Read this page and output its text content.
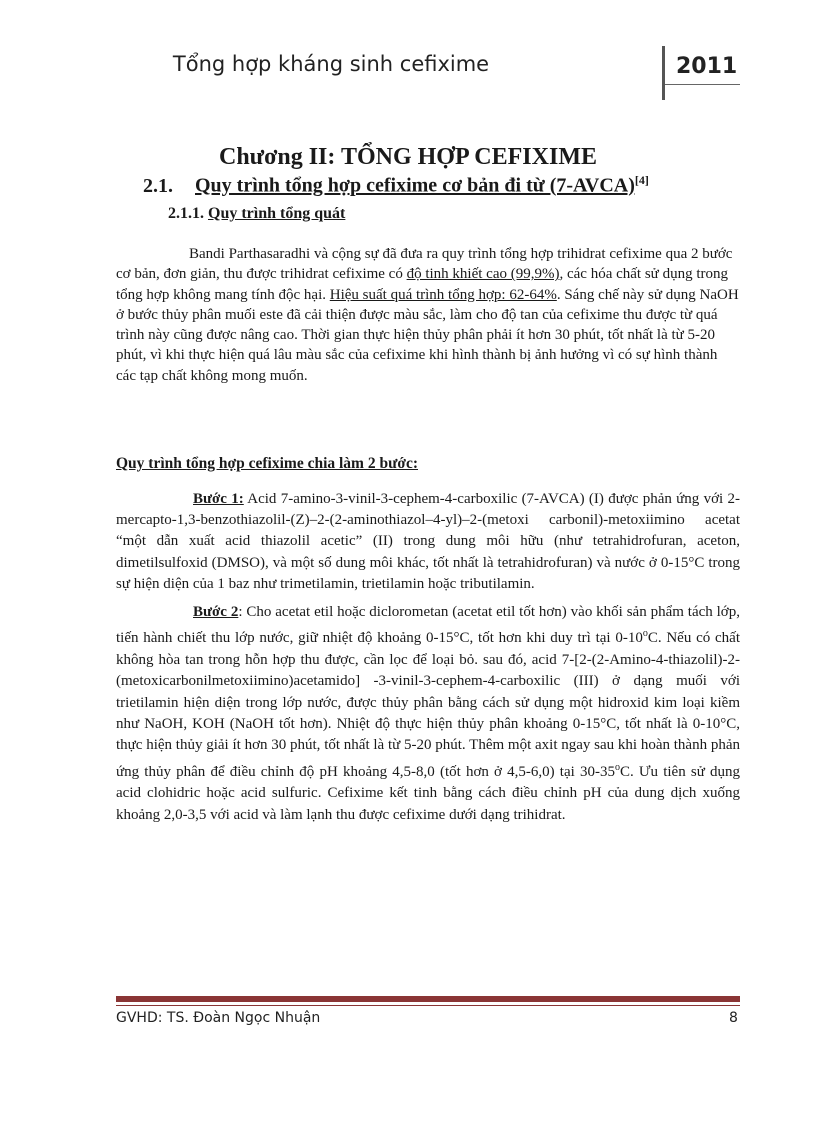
Tổng hợp kháng sinh cefixime	2011
Chương II: TỔNG HỢP CEFIXIME
2.1. Quy trình tổng hợp cefixime cơ bản đi từ (7-AVCA)[4]
2.1.1. Quy trình tổng quát

Bandi Parthasaradhi và cộng sự đã đưa ra quy trình tổng hợp trihidrat cefixime qua 2 bước cơ bản, đơn giản, thu được trihidrat cefixime có độ tinh khiết cao (99,9%), các hóa chất sử dụng trong tổng hợp không mang tính độc hại. Hiệu suất quá trình tổng hợp: 62-64%. Sáng chế này sử dụng NaOH ở bước thủy phân muối este đã cải thiện được màu sắc, làm cho độ tan của cefixime thu được từ quá trình này cũng được nâng cao. Thời gian thực hiện thủy phân phải ít hơn 30 phút, tốt nhất là từ 5-20 phút, vì khi thực hiện quá lâu màu sắc của cefixime khi hình thành bị ảnh hưởng vì có sự hình thành các tạp chất không mong muốn.

Quy trình tổng hợp cefixime chia làm 2 bước:

Bước 1: Acid 7-amino-3-vinil-3-cephem-4-carboxilic (7-AVCA) (I) được phản ứng với 2-mercapto-1,3-benzothiazolil-(Z)–2-(2-aminothiazol–4-yl)–2-(metoxi carbonil)-metoxiimino acetat “một dẫn xuất acid thiazolil acetic” (II) trong dung môi hữu (như tetrahidrofuran, aceton, dimetilsulfoxid (DMSO), và một số dung môi khác, tốt nhất là tetrahidrofuran) và nước ở 0-15°C trong sự hiện diện của 1 baz như trimetilamin, trietilamin hoặc tributilamin.

Bước 2: Cho acetat etil hoặc diclorometan (acetat etil tốt hơn) vào khối sản phẩm tách lớp, tiến hành chiết thu lớp nước, giữ nhiệt độ khoảng 0-15°C, tốt hơn khi duy trì tại 0-10$^o$C. Nếu có chất không hòa tan trong hỗn hợp thu được, cần lọc để loại bỏ. sau đó, acid 7-[2-(2-Amino-4-thiazolil)-2-(metoxicarbonilmetoxiimino)acetamido] -3-vinil-3-cephem-4-carboxilic (III) ở dạng muối với trietilamin hiện diện trong lớp nước, được thủy phân bằng cách sử dụng một hidroxid kim loại kiềm như NaOH, KOH (NaOH tốt hơn). Nhiệt độ thực hiện thủy phân khoảng 0-15°C, tốt nhất là 0-10°C, thực hiện thủy giải ít hơn 30 phút, tốt nhất là từ 5-20 phút. Thêm một axit ngay sau khi hoàn thành phản ứng thủy phân để điều chỉnh độ pH khoảng 4,5-8,0 (tốt hơn ở 4,5-6,0) tại 30-35$^o$C. Ưu tiên sử dụng acid clohidric hoặc acid sulfuric. Cefixime kết tinh bằng cách điều chỉnh pH của dung dịch xuống khoảng 2,0-3,5 với acid và làm lạnh thu được cefixime dưới dạng trihidrat.

GVHD: TS. Đoàn Ngọc Nhuận	8
